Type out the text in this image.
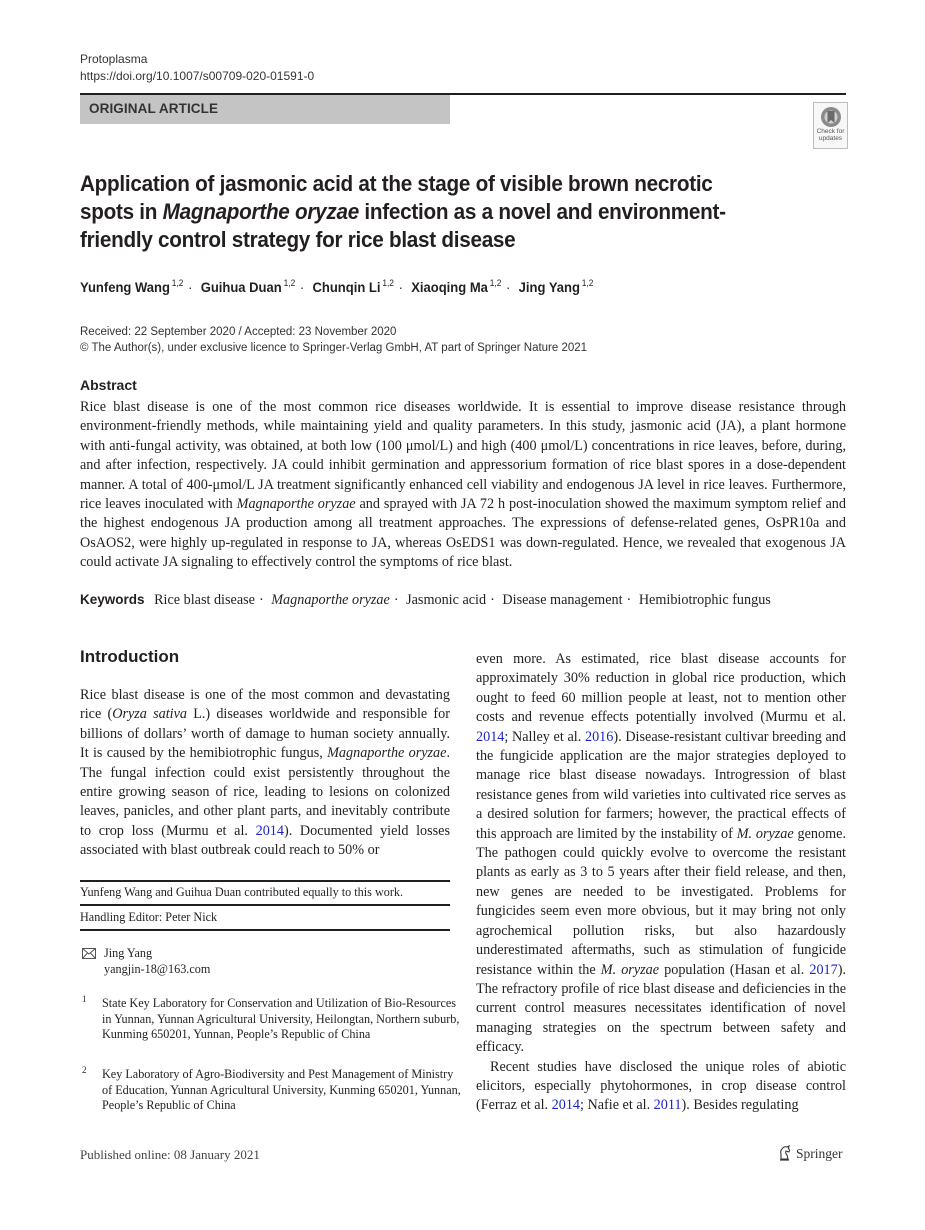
Protoplasma
https://doi.org/10.1007/s00709-020-01591-0
ORIGINAL ARTICLE
Check for
updates
Application of jasmonic acid at the stage of visible brown necrotic spots in Magnaporthe oryzae infection as a novel and environment-friendly control strategy for rice blast disease
Yunfeng Wang $^{1,2}$ · Guihua Duan $^{1,2}$ · Chunqin Li $^{1,2}$ · Xiaoqing Ma $^{1,2}$ · Jing Yang $^{1,2}$
Received: 22 September 2020 / Accepted: 23 November 2020
© The Author(s), under exclusive licence to Springer-Verlag GmbH, AT part of Springer Nature 2021
Abstract
Rice blast disease is one of the most common rice diseases worldwide. It is essential to improve disease resistance through environment-friendly methods, while maintaining yield and quality parameters. In this study, jasmonic acid (JA), a plant hormone with anti-fungal activity, was obtained, at both low (100 μmol/L) and high (400 μmol/L) concentrations in rice leaves, before, during, and after infection, respectively. JA could inhibit germination and appressorium formation of rice blast spores in a dose-dependent manner. A total of 400-μmol/L JA treatment significantly enhanced cell viability and endogenous JA level in rice leaves. Furthermore, rice leaves inoculated with Magnaporthe oryzae and sprayed with JA 72 h post-inoculation showed the maximum symptom relief and the highest endogenous JA production among all treatment approaches. The expressions of defense-related genes, OsPR10a and OsAOS2, were highly up-regulated in response to JA, whereas OsEDS1 was down-regulated. Hence, we revealed that exogenous JA could activate JA signaling to effectively control the symptoms of rice blast.
Keywords Rice blast disease · Magnaporthe oryzae · Jasmonic acid · Disease management · Hemibiotrophic fungus
Introduction
Rice blast disease is one of the most common and devastating rice (Oryza sativa L.) diseases worldwide and responsible for billions of dollars’ worth of damage to human society annually. It is caused by the hemibiotrophic fungus, Magnaporthe oryzae. The fungal infection could exist persistently throughout the entire growing season of rice, leading to lesions on colonized leaves, panicles, and other plant parts, and inevitably contribute to crop loss (Murmu et al. 2014). Documented yield losses associated with blast outbreak could reach to 50% or
even more. As estimated, rice blast disease accounts for approximately 30% reduction in global rice production, which ought to feed 60 million people at least, not to mention other costs and revenue effects potentially involved (Murmu et al. 2014; Nalley et al. 2016). Disease-resistant cultivar breeding and the fungicide application are the major strategies deployed to manage rice blast disease nowadays. Introgression of blast resistance genes from wild varieties into cultivated rice serves as a desired solution for farmers; however, the practical effects of this approach are limited by the instability of M. oryzae genome. The pathogen could quickly evolve to overcome the resistant plants as early as 3 to 5 years after their field release, and then, new genes are needed to be investigated. Problems for fungicides seem even more obvious, but it may bring not only agrochemical pollution risks, but also hazardously underestimated aftermaths, such as stimulation of fungicide resistance within the M. oryzae population (Hasan et al. 2017). The refractory profile of rice blast disease and deficiencies in the current control measures necessitates identification of novel managing strategies on the spectrum between safety and efficacy.
Recent studies have disclosed the unique roles of abiotic elicitors, especially phytohormones, in crop disease control (Ferraz et al. 2014; Nafie et al. 2011). Besides regulating
Yunfeng Wang and Guihua Duan contributed equally to this work.
Handling Editor: Peter Nick
Jing Yang
yangjin-18@163.com
1 State Key Laboratory for Conservation and Utilization of Bio-Resources in Yunnan, Yunnan Agricultural University, Heilongtan, Northern suburb, Kunming 650201, Yunnan, People’s Republic of China
2 Key Laboratory of Agro-Biodiversity and Pest Management of Ministry of Education, Yunnan Agricultural University, Kunming 650201, Yunnan, People’s Republic of China
Published online: 08 January 2021	Springer
